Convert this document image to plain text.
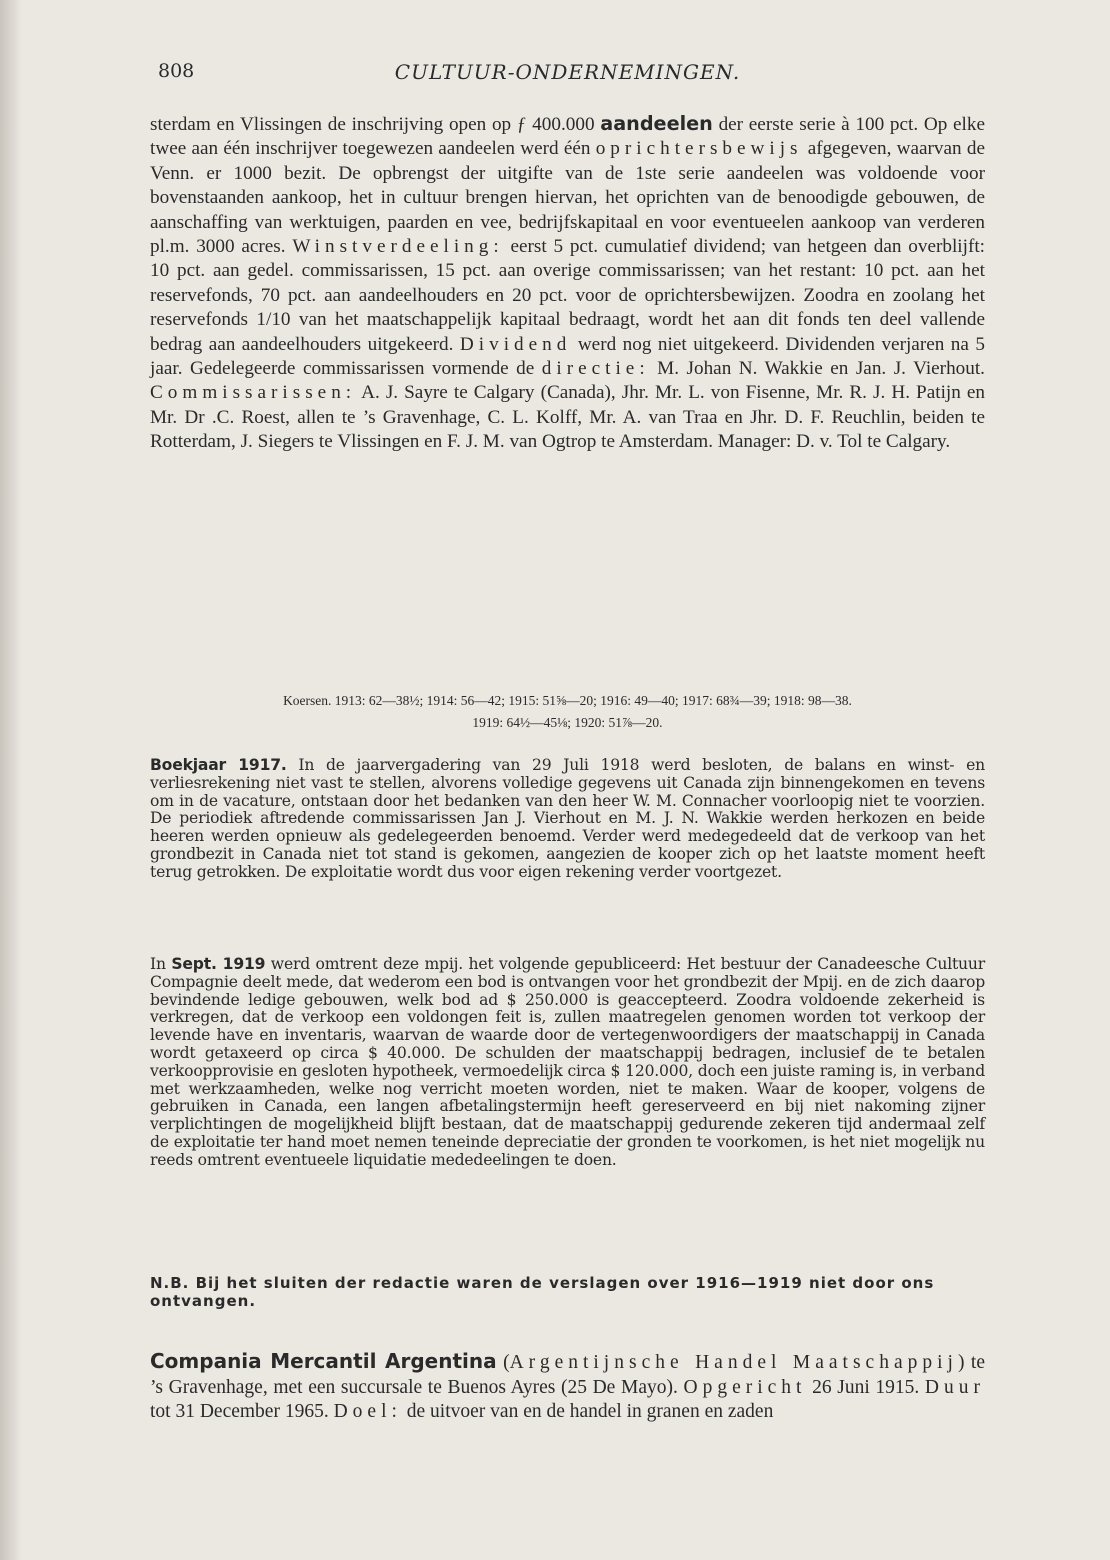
808	CULTUUR-ONDERNEMINGEN.
sterdam en Vlissingen de inschrijving open op ƒ 400.000 aandeelen der eerste serie à 100 pct. Op elke twee aan één inschrijver toegewezen aandeelen werd één oprichtersbewijs afgegeven, waarvan de Venn. er 1000 bezit. De opbrengst der uitgifte van de 1ste serie aandeelen was voldoende voor bovenstaanden aankoop, het in cultuur brengen hiervan, het oprichten van de benoodigde gebouwen, de aanschaffing van werktuigen, paarden en vee, bedrijfskapitaal en voor eventueelen aankoop van verderen pl.m. 3000 acres. Winstverdeeling: eerst 5 pct. cumulatief dividend; van hetgeen dan overblijft: 10 pct. aan gedel. commissarissen, 15 pct. aan overige commissarissen; van het restant: 10 pct. aan het reservefonds, 70 pct. aan aandeelhouders en 20 pct. voor de oprichtersbewijzen. Zoodra en zoolang het reservefonds 1/10 van het maatschappelijk kapitaal bedraagt, wordt het aan dit fonds ten deel vallende bedrag aan aandeelhouders uitgekeerd. Dividend werd nog niet uitgekeerd. Dividenden verjaren na 5 jaar. Gedelegeerde commissarissen vormende de directie: M. Johan N. Wakkie en Jan. J. Vierhout. Commissarissen: A. J. Sayre te Calgary (Canada), Jhr. Mr. L. von Fisenne, Mr. R. J. H. Patijn en Mr. Dr .C. Roest, allen te ’s Gravenhage, C. L. Kolff, Mr. A. van Traa en Jhr. D. F. Reuchlin, beiden te Rotterdam, J. Siegers te Vlissingen en F. J. M. van Ogtrop te Amsterdam. Manager: D. v. Tol te Calgary.
Koersen. 1913: 62—38½; 1914: 56—42; 1915: 51⅝—20; 1916: 49—40; 1917: 68¾—39; 1918: 98—38.
1919: 64½—45⅛; 1920: 51⅞—20.
Boekjaar 1917. In de jaarvergadering van 29 Juli 1918 werd besloten, de balans en winst- en verliesrekening niet vast te stellen, alvorens volledige gegevens uit Canada zijn binnengekomen en tevens om in de vacature, ontstaan door het bedanken van den heer W. M. Connacher voorloopig niet te voorzien. De periodiek aftredende commissarissen Jan J. Vierhout en M. J. N. Wakkie werden herkozen en beide heeren werden opnieuw als gedelegeerden benoemd. Verder werd medegedeeld dat de verkoop van het grondbezit in Canada niet tot stand is gekomen, aangezien de kooper zich op het laatste moment heeft terug getrokken. De exploitatie wordt dus voor eigen rekening verder voortgezet.
In Sept. 1919 werd omtrent deze mpij. het volgende gepubliceerd: Het bestuur der Canadeesche Cultuur Compagnie deelt mede, dat wederom een bod is ontvangen voor het grondbezit der Mpij. en de zich daarop bevindende ledige gebouwen, welk bod ad $ 250.000 is geaccepteerd. Zoodra voldoende zekerheid is verkregen, dat de verkoop een voldongen feit is, zullen maatregelen genomen worden tot verkoop der levende have en inventaris, waarvan de waarde door de vertegenwoordigers der maatschappij in Canada wordt getaxeerd op circa $ 40.000. De schulden der maatschappij bedragen, inclusief de te betalen verkoopprovisie en gesloten hypotheek, vermoedelijk circa $ 120.000, doch een juiste raming is, in verband met werkzaamheden, welke nog verricht moeten worden, niet te maken. Waar de kooper, volgens de gebruiken in Canada, een langen afbetalingstermijn heeft gereserveerd en bij niet nakoming zijner verplichtingen de mogelijkheid blijft bestaan, dat de maatschappij gedurende zekeren tijd andermaal zelf de exploitatie ter hand moet nemen teneinde depreciatie der gronden te voorkomen, is het niet mogelijk nu reeds omtrent eventueele liquidatie mededeelingen te doen.
N.B. Bij het sluiten der redactie waren de verslagen over 1916—1919 niet door ons ontvangen.
Compania Mercantil Argentina (Argentijnsche Handel Maatschappij) te ’s Gravenhage, met een succursale te Buenos Ayres (25 De Mayo). Opgericht 26 Juni 1915. Duur tot 31 December 1965. Doel: de uitvoer van en de handel in granen en zaden
